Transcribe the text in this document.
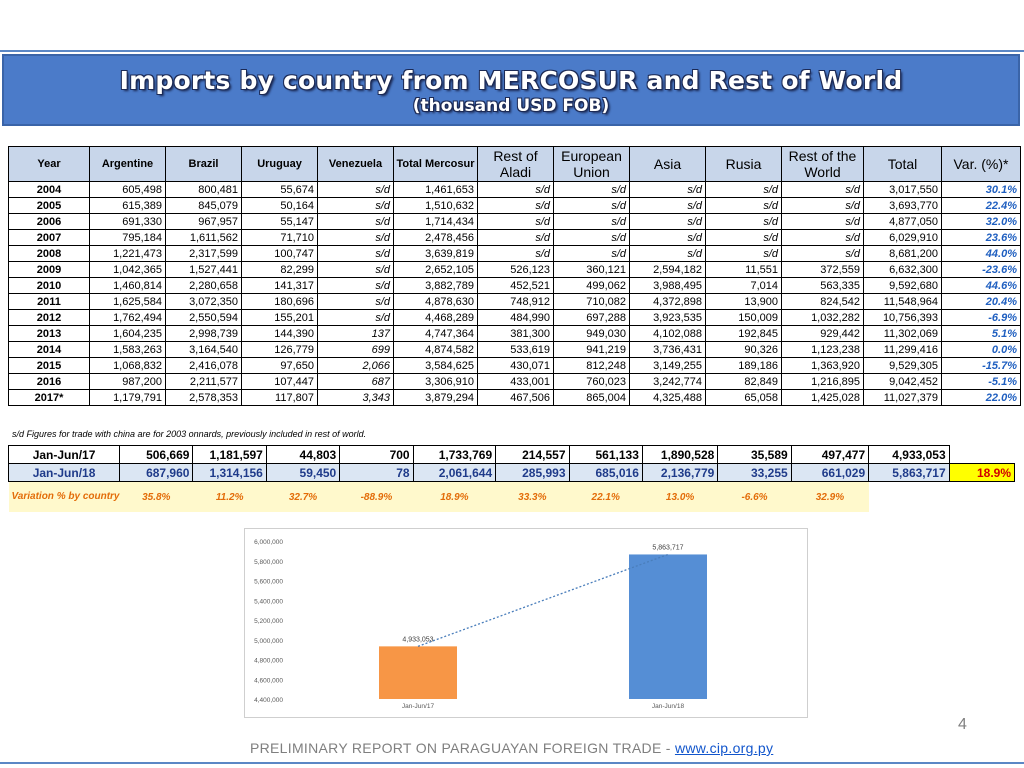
Imports by country from MERCOSUR and Rest of World
(thousand USD FOB)
Year	Argentine	Brazil	Uruguay	Venezuela	Total Mercosur	Rest of Aladi	European Union	Asia	Rusia	Rest of the World	Total	Var. (%)*
2004	605,498	800,481	55,674	s/d	1,461,653	s/d	s/d	s/d	s/d	s/d	3,017,550	30.1%
2005	615,389	845,079	50,164	s/d	1,510,632	s/d	s/d	s/d	s/d	s/d	3,693,770	22.4%
2006	691,330	967,957	55,147	s/d	1,714,434	s/d	s/d	s/d	s/d	s/d	4,877,050	32.0%
2007	795,184	1,611,562	71,710	s/d	2,478,456	s/d	s/d	s/d	s/d	s/d	6,029,910	23.6%
2008	1,221,473	2,317,599	100,747	s/d	3,639,819	s/d	s/d	s/d	s/d	s/d	8,681,200	44.0%
2009	1,042,365	1,527,441	82,299	s/d	2,652,105	526,123	360,121	2,594,182	11,551	372,559	6,632,300	-23.6%
2010	1,460,814	2,280,658	141,317	s/d	3,882,789	452,521	499,062	3,988,495	7,014	563,335	9,592,680	44.6%
2011	1,625,584	3,072,350	180,696	s/d	4,878,630	748,912	710,082	4,372,898	13,900	824,542	11,548,964	20.4%
2012	1,762,494	2,550,594	155,201	s/d	4,468,289	484,990	697,288	3,923,535	150,009	1,032,282	10,756,393	-6.9%
2013	1,604,235	2,998,739	144,390	137	4,747,364	381,300	949,030	4,102,088	192,845	929,442	11,302,069	5.1%
2014	1,583,263	3,164,540	126,779	699	4,874,582	533,619	941,219	3,736,431	90,326	1,123,238	11,299,416	0.0%
2015	1,068,832	2,416,078	97,650	2,066	3,584,625	430,071	812,248	3,149,255	189,186	1,363,920	9,529,305	-15.7%
2016	987,200	2,211,577	107,447	687	3,306,910	433,001	760,023	3,242,774	82,849	1,216,895	9,042,452	-5.1%
2017*	1,179,791	2,578,353	117,807	3,343	3,879,294	467,506	865,004	4,325,488	65,058	1,425,028	11,027,379	22.0%
s/d Figures for trade with china are for 2003 onnards, previously included in rest of world.
Jan-Jun/17	506,669	1,181,597	44,803	700	1,733,769	214,557	561,133	1,890,528	35,589	497,477	4,933,053	
Jan-Jun/18	687,960	1,314,156	59,450	78	2,061,644	285,993	685,016	2,136,779	33,255	661,029	5,863,717	18.9%
Variation % by country	35.8%	11.2%	32.7%	-88.9%	18.9%	33.3%	22.1%	13.0%	-6.6%	32.9%		
4,400,000
4,600,000
4,800,000
5,000,000
5,200,000
5,400,000
5,600,000
5,800,000
6,000,000
4,933,053
Jan-Jun/17
5,863,717
Jan-Jun/18
4
PRELIMINARY REPORT ON PARAGUAYAN FOREIGN TRADE - www.cip.org.py
